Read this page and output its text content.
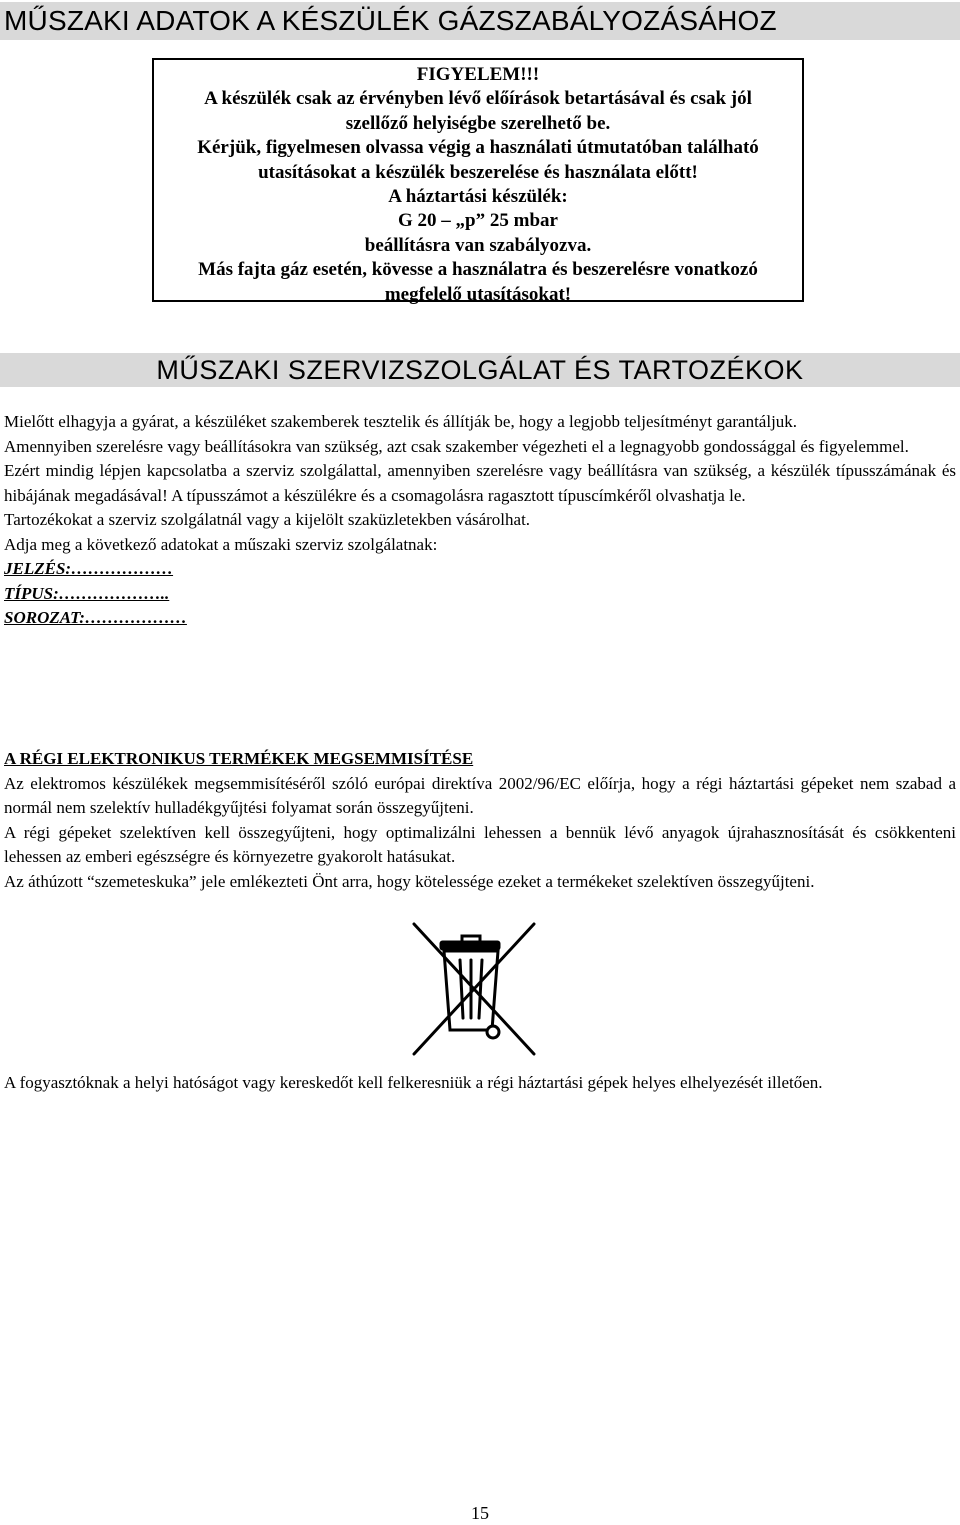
MŰSZAKI ADATOK A KÉSZÜLÉK GÁZSZABÁLYOZÁSÁHOZ
FIGYELEM!!!
A készülék csak az érvényben lévő előírások betartásával és csak jól
szellőző helyiségbe szerelhető be.
Kérjük, figyelmesen olvassa végig a használati útmutatóban található
utasításokat a készülék beszerelése és használata előtt!
A háztartási készülék:
G 20 – „p” 25 mbar
beállításra van szabályozva.
Más fajta gáz esetén, kövesse a használatra és beszerelésre vonatkozó
megfelelő utasításokat!
MŰSZAKI SZERVIZSZOLGÁLAT ÉS TARTOZÉKOK

Mielőtt elhagyja a gyárat, a készüléket szakemberek tesztelik és állítják be, hogy a legjobb teljesítményt garantáljuk.

Amennyiben szerelésre vagy beállításokra van szükség, azt csak szakember végezheti el a legnagyobb gondossággal és figyelemmel.

Ezért mindig lépjen kapcsolatba a szerviz szolgálattal, amennyiben szerelésre vagy beállításra van szükség, a készülék típusszámának és hibájának megadásával! A típusszámot a készülékre és a csomagolásra ragasztott típuscímkéről olvashatja le.

Tartozékokat a szerviz szolgálatnál vagy a kijelölt szaküzletekben vásárolhat.

Adja meg a következő adatokat a műszaki szerviz szolgálatnak:

JELZÉS:………………

TÍPUS:………………..

SOROZAT:………………

A RÉGI ELEKTRONIKUS TERMÉKEK MEGSEMMISÍTÉSE

Az elektromos készülékek megsemmisítéséről szóló európai direktíva 2002/96/EC előírja, hogy a régi háztartási gépeket nem szabad a normál nem szelektív hulladékgyűjtési folyamat során összegyűjteni.

A régi gépeket szelektíven kell összegyűjteni, hogy optimalizálni lehessen a bennük lévő anyagok újrahasznosítását és csökkenteni lehessen az emberi egészségre és környezetre gyakorolt hatásukat.

Az áthúzott “szemeteskuka” jele emlékezteti Önt arra, hogy kötelessége ezeket a termékeket szelektíven összegyűjteni.

A fogyasztóknak a helyi hatóságot vagy kereskedőt kell felkeresniük a régi háztartási gépek helyes elhelyezését illetően.

15
